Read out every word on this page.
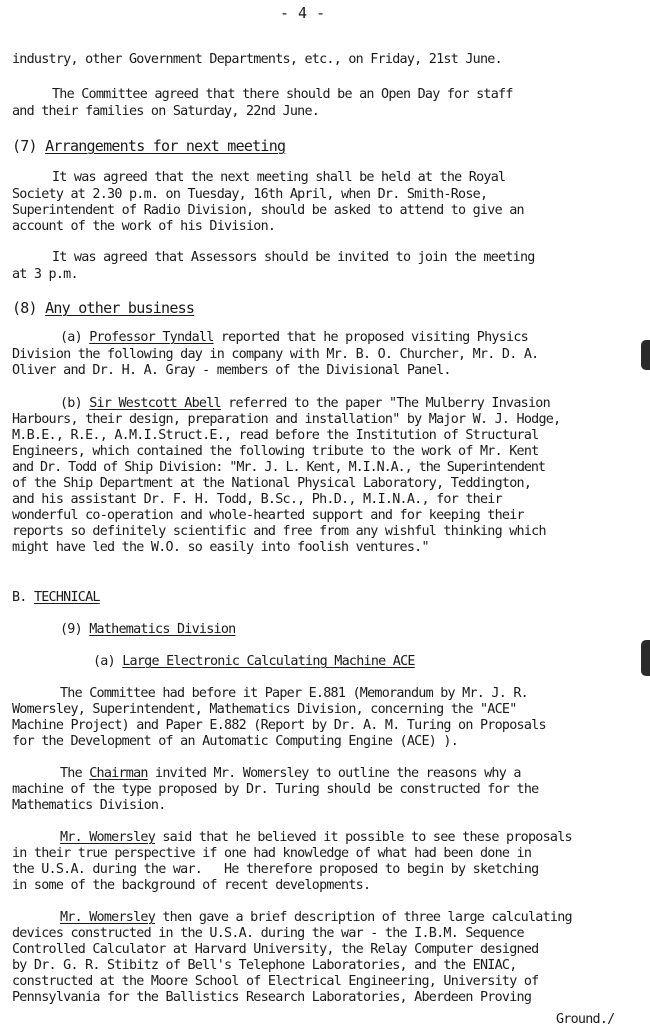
- 4 -
industry, other Government Departments, etc., on Friday, 21st June.
The Committee agreed that there should be an Open Day for staff
and their families on Saturday, 22nd June.
(7) Arrangements for next meeting
It was agreed that the next meeting shall be held at the Royal
Society at 2.30 p.m. on Tuesday, 16th April, when Dr. Smith-Rose,
Superintendent of Radio Division, should be asked to attend to give an
account of the work of his Division.
It was agreed that Assessors should be invited to join the meeting
at 3 p.m.
(8) Any other business
(a) Professor Tyndall reported that he proposed visiting Physics
Division the following day in company with Mr. B. O. Churcher, Mr. D. A.
Oliver and Dr. H. A. Gray - members of the Divisional Panel.
(b) Sir Westcott Abell referred to the paper "The Mulberry Invasion
Harbours, their design, preparation and installation" by Major W. J. Hodge,
M.B.E., R.E., A.M.I.Struct.E., read before the Institution of Structural
Engineers, which contained the following tribute to the work of Mr. Kent
and Dr. Todd of Ship Division: "Mr. J. L. Kent, M.I.N.A., the Superintendent
of the Ship Department at the National Physical Laboratory, Teddington,
and his assistant Dr. F. H. Todd, B.Sc., Ph.D., M.I.N.A., for their
wonderful co-operation and whole-hearted support and for keeping their
reports so definitely scientific and free from any wishful thinking which
might have led the W.O. so easily into foolish ventures."
B. TECHNICAL
(9) Mathematics Division
(a) Large Electronic Calculating Machine ACE
The Committee had before it Paper E.881 (Memorandum by Mr. J. R.
Womersley, Superintendent, Mathematics Division, concerning the "ACE"
Machine Project) and Paper E.882 (Report by Dr. A. M. Turing on Proposals
for the Development of an Automatic Computing Engine (ACE) ).
The Chairman invited Mr. Womersley to outline the reasons why a
machine of the type proposed by Dr. Turing should be constructed for the
Mathematics Division.
Mr. Womersley said that he believed it possible to see these proposals
in their true perspective if one had knowledge of what had been done in
the U.S.A. during the war.   He therefore proposed to begin by sketching
in some of the background of recent developments.
Mr. Womersley then gave a brief description of three large calculating
devices constructed in the U.S.A. during the war - the I.B.M. Sequence
Controlled Calculator at Harvard University, the Relay Computer designed
by Dr. G. R. Stibitz of Bell's Telephone Laboratories, and the ENIAC,
constructed at the Moore School of Electrical Engineering, University of
Pennsylvania for the Ballistics Research Laboratories, Aberdeen Proving
Ground./
